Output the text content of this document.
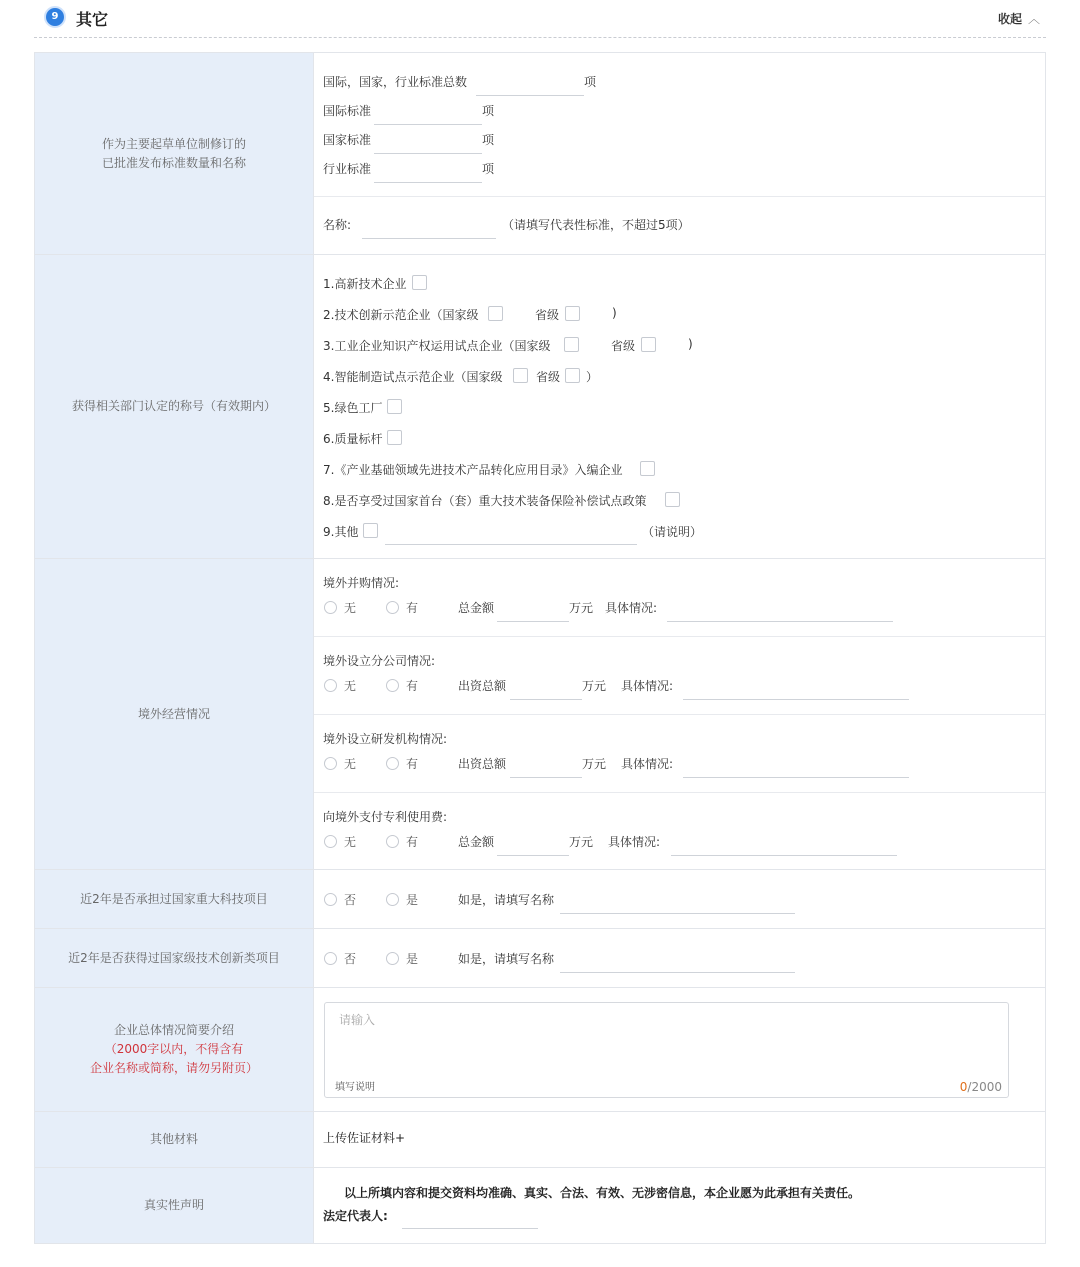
9	其它	收起 ︿
作为主要起草单位制修订的
已批准发布标准数量和名称
国际，国家，行业标准总数	项
国际标准	项
国家标准	项
行业标准	项
名称:	（请填写代表性标准，不超过5项）
获得相关部门认定的称号（有效期内）
1.高新技术企业
2.技术创新示范企业（国家级	省级	)
3.工业企业知识产权运用试点企业（国家级	省级	)
4.智能制造试点示范企业（国家级	省级 ）
5.绿色工厂
6.质量标杆
7.《产业基础领域先进技术产品转化应用目录》入编企业
8.是否享受过国家首台（套）重大技术装备保险补偿试点政策
9.其他	（请说明）
境外经营情况
境外并购情况:
无	有	总金额	万元 具体情况:
境外设立分公司情况:
无	有	出资总额	万元 具体情况:
境外设立研发机构情况:
无	有	出资总额	万元 具体情况:
向境外支付专利使用费:
无	有	总金额	万元 具体情况:
近2年是否承担过国家重大科技项目	否	是	如是，请填写名称
近2年是否获得过国家级技术创新类项目	否	是	如是，请填写名称
企业总体情况简要介绍
（2000字以内，不得含有
企业名称或简称，请勿另附页）
请输入
填写说明	0/2000
其他材料	上传佐证材料+
真实性声明
以上所填内容和提交资料均准确、真实、合法、有效、无涉密信息，本企业愿为此承担有关责任。
法定代表人:
